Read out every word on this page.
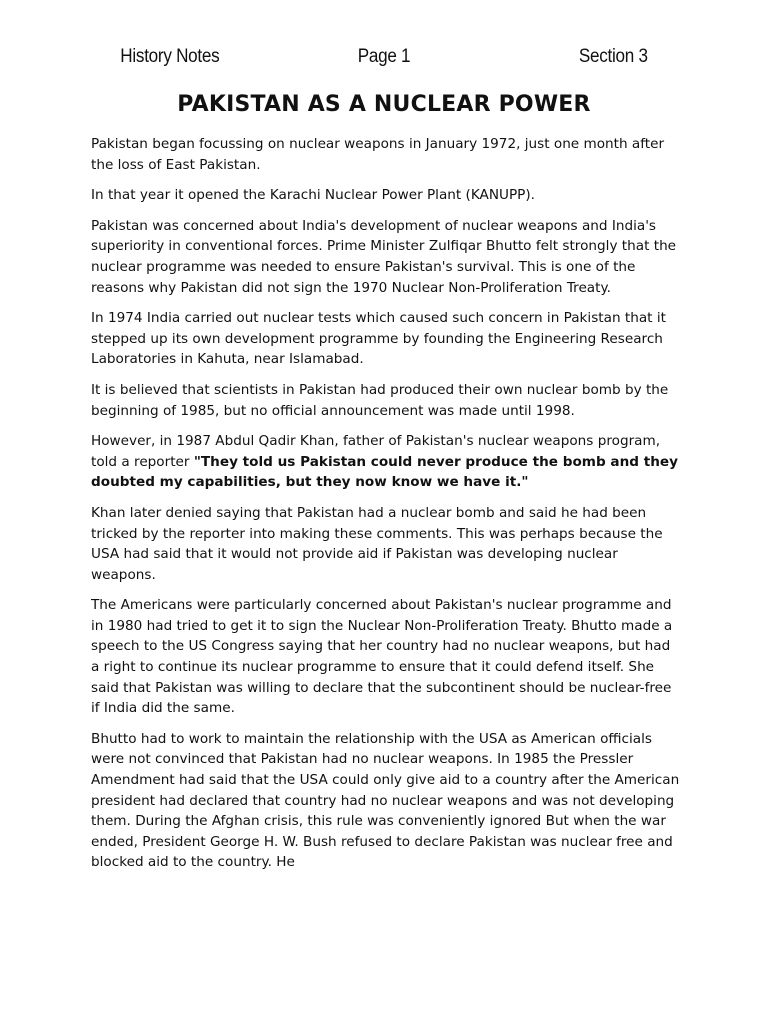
History Notes	Page 1	Section 3
PAKISTAN AS A NUCLEAR POWER

Pakistan began focussing on nuclear weapons in January 1972, just one month after the loss of East Pakistan.

In that year it opened the Karachi Nuclear Power Plant (KANUPP).

Pakistan was concerned about India's development of nuclear weapons and India's superiority in conventional forces. Prime Minister Zulfiqar Bhutto felt strongly that the nuclear programme was needed to ensure Pakistan's survival. This is one of the reasons why Pakistan did not sign the 1970 Nuclear Non-Proliferation Treaty.

In 1974 India carried out nuclear tests which caused such concern in Pakistan that it stepped up its own development programme by founding the Engineering Research Laboratories in Kahuta, near Islamabad.

It is believed that scientists in Pakistan had produced their own nuclear bomb by the beginning of 1985, but no official announcement was made until 1998.

However, in 1987 Abdul Qadir Khan, father of Pakistan's nuclear weapons program, told a reporter "They told us Pakistan could never produce the bomb and they doubted my capabilities, but they now know we have it."

Khan later denied saying that Pakistan had a nuclear bomb and said he had been tricked by the reporter into making these comments. This was perhaps because the USA had said that it would not provide aid if Pakistan was developing nuclear weapons.

The Americans were particularly concerned about Pakistan's nuclear programme and in 1980 had tried to get it to sign the Nuclear Non-Proliferation Treaty. Bhutto made a speech to the US Congress saying that her country had no nuclear weapons, but had a right to continue its nuclear programme to ensure that it could defend itself. She said that Pakistan was willing to declare that the subcontinent should be nuclear-free if India did the same.

Bhutto had to work to maintain the relationship with the USA as American officials were not convinced that Pakistan had no nuclear weapons. In 1985 the Pressler Amendment had said that the USA could only give aid to a country after the American president had declared that country had no nuclear weapons and was not developing them. During the Afghan crisis, this rule was conveniently ignored But when the war ended, President George H. W. Bush refused to declare Pakistan was nuclear free and blocked aid to the country. He
